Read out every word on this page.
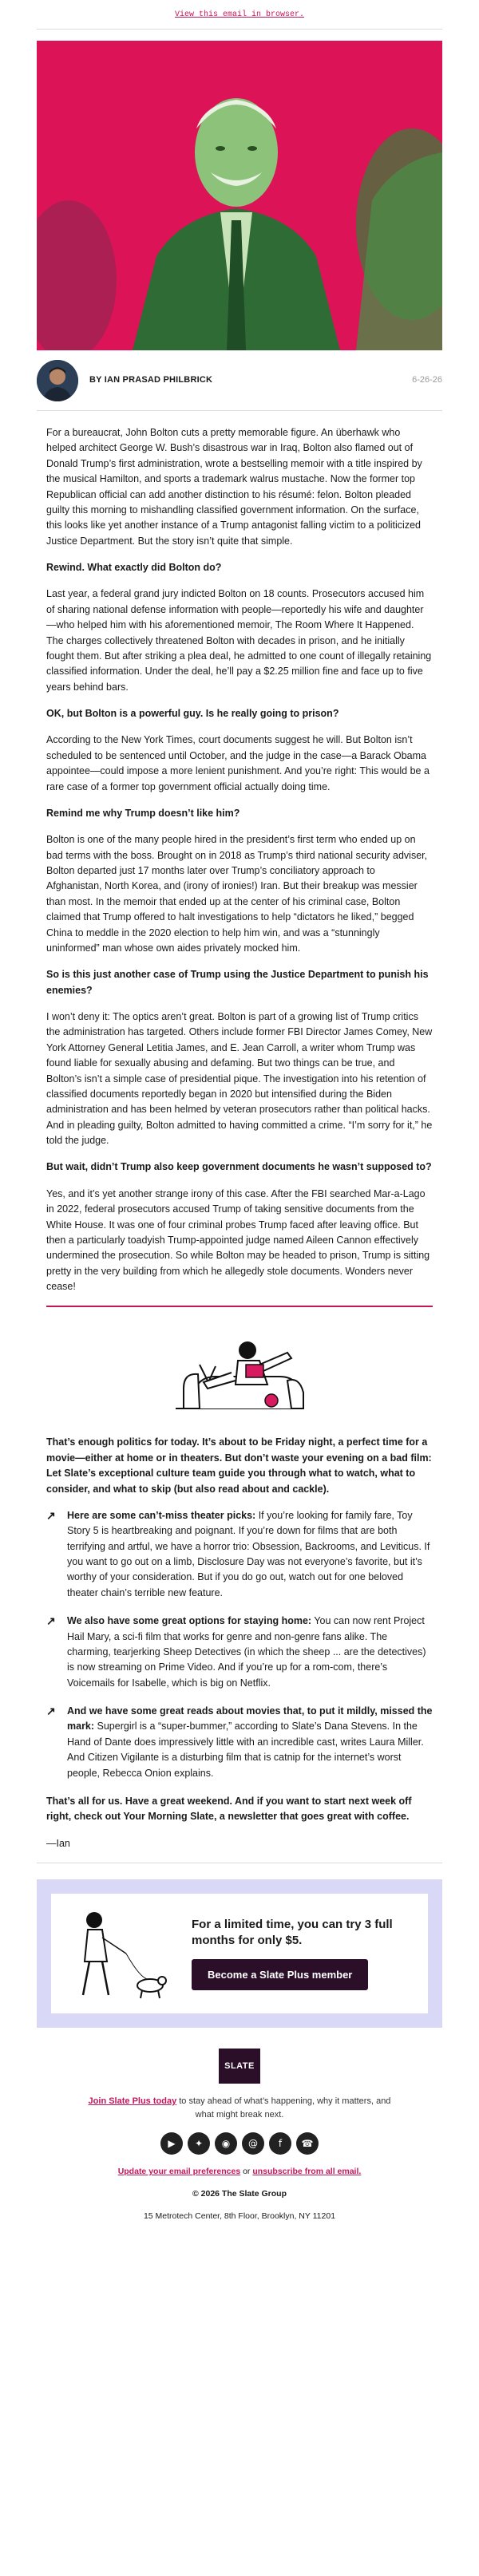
View this email in browser.
BY IAN PRASAD PHILBRICK	6-26-26

For a bureaucrat, John Bolton cuts a pretty memorable figure. An überhawk who helped architect George W. Bush’s disastrous war in Iraq, Bolton also flamed out of Donald Trump’s first administration, wrote a bestselling memoir with a title inspired by the musical Hamilton, and sports a trademark walrus mustache. Now the former top Republican official can add another distinction to his résumé: felon. Bolton pleaded guilty this morning to mishandling classified government information. On the surface, this looks like yet another instance of a Trump antagonist falling victim to a politicized Justice Department. But the story isn’t quite that simple.

Rewind. What exactly did Bolton do?

Last year, a federal grand jury indicted Bolton on 18 counts. Prosecutors accused him of sharing national defense information with people—reportedly his wife and daughter—who helped him with his aforementioned memoir, The Room Where It Happened. The charges collectively threatened Bolton with decades in prison, and he initially fought them. But after striking a plea deal, he admitted to one count of illegally retaining classified information. Under the deal, he’ll pay a $2.25 million fine and face up to five years behind bars.

OK, but Bolton is a powerful guy. Is he really going to prison?

According to the New York Times, court documents suggest he will. But Bolton isn’t scheduled to be sentenced until October, and the judge in the case—a Barack Obama appointee—could impose a more lenient punishment. And you’re right: This would be a rare case of a former top government official actually doing time.

Remind me why Trump doesn’t like him?

Bolton is one of the many people hired in the president’s first term who ended up on bad terms with the boss. Brought on in 2018 as Trump’s third national security adviser, Bolton departed just 17 months later over Trump’s conciliatory approach to Afghanistan, North Korea, and (irony of ironies!) Iran. But their breakup was messier than most. In the memoir that ended up at the center of his criminal case, Bolton claimed that Trump offered to halt investigations to help “dictators he liked,” begged China to meddle in the 2020 election to help him win, and was a “stunningly uninformed” man whose own aides privately mocked him.

So is this just another case of Trump using the Justice Department to punish his enemies?

I won’t deny it: The optics aren’t great. Bolton is part of a growing list of Trump critics the administration has targeted. Others include former FBI Director James Comey, New York Attorney General Letitia James, and E. Jean Carroll, a writer whom Trump was found liable for sexually abusing and defaming. But two things can be true, and Bolton’s isn’t a simple case of presidential pique. The investigation into his retention of classified documents reportedly began in 2020 but intensified during the Biden administration and has been helmed by veteran prosecutors rather than political hacks. And in pleading guilty, Bolton admitted to having committed a crime. “I’m sorry for it,” he told the judge.

But wait, didn’t Trump also keep government documents he wasn’t supposed to?

Yes, and it’s yet another strange irony of this case. After the FBI searched Mar-a-Lago in 2022, federal prosecutors accused Trump of taking sensitive documents from the White House. It was one of four criminal probes Trump faced after leaving office. But then a particularly toadyish Trump-appointed judge named Aileen Cannon effectively undermined the prosecution. So while Bolton may be headed to prison, Trump is sitting pretty in the very building from which he allegedly stole documents. Wonders never cease!

That’s enough politics for today. It’s about to be Friday night, a perfect time for a movie—either at home or in theaters. But don’t waste your evening on a bad film: Let Slate’s exceptional culture team guide you through what to watch, what to consider, and what to skip (but also read about and cackle).

↗	Here are some can’t-miss theater picks: If you’re looking for family fare, Toy Story 5 is heartbreaking and poignant. If you’re down for films that are both terrifying and artful, we have a horror trio: Obsession, Backrooms, and Leviticus. If you want to go out on a limb, Disclosure Day was not everyone’s favorite, but it’s worthy of your consideration. But if you do go out, watch out for one beloved theater chain’s terrible new feature.
↗	We also have some great options for staying home: You can now rent Project Hail Mary, a sci-fi film that works for genre and non-genre fans alike. The charming, tearjerking Sheep Detectives (in which the sheep ... are the detectives) is now streaming on Prime Video. And if you’re up for a rom-com, there’s Voicemails for Isabelle, which is big on Netflix.
↗	And we have some great reads about movies that, to put it mildly, missed the mark: Supergirl is a “super-bummer,” according to Slate’s Dana Stevens. In the Hand of Dante does impressively little with an incredible cast, writes Laura Miller. And Citizen Vigilante is a disturbing film that is catnip for the internet’s worst people, Rebecca Onion explains.

That’s all for us. Have a great weekend. And if you want to start next week off right, check out Your Morning Slate, a newsletter that goes great with coffee.

—Ian

For a limited time, you can try 3 full months for only $5.
Become a Slate Plus member
SLATE

Join Slate Plus today to stay ahead of what’s happening, why it matters, and what might break next.

▶	✦	◉	@	f	☎

Update your email preferences or unsubscribe from all email.

© 2026 The Slate Group

15 Metrotech Center, 8th Floor, Brooklyn, NY 11201
